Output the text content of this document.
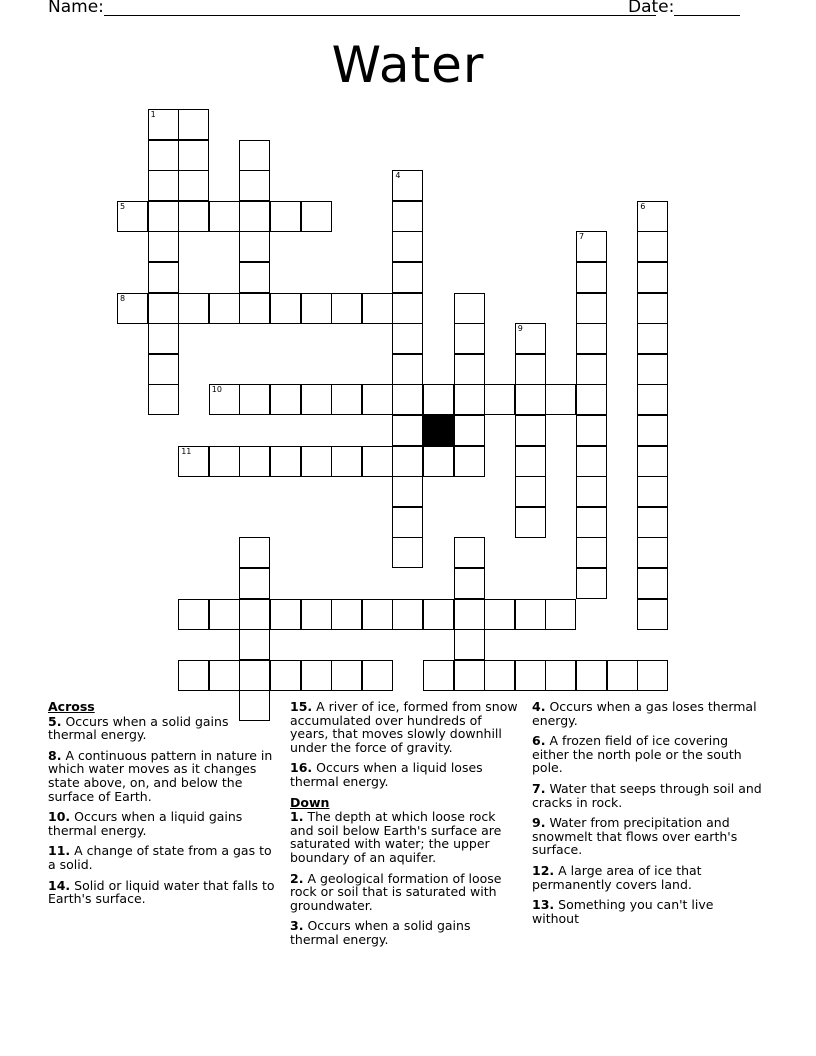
Name:	Date:
Water
1
4
5	6
7
8
9
10
11
Across
5. Occurs when a solid gains thermal energy.
8. A continuous pattern in nature in which water moves as it changes state above, on, and below the surface of Earth.
10. Occurs when a liquid gains thermal energy.
11. A change of state from a gas to a solid.
14. Solid or liquid water that falls to Earth's surface.
15. A river of ice, formed from snow accumulated over hundreds of years, that moves slowly downhill under the force of gravity.
16. Occurs when a liquid loses thermal energy.
Down
1. The depth at which loose rock and soil below Earth's surface are saturated with water; the upper boundary of an aquifer.
2. A geological formation of loose rock or soil that is saturated with groundwater.
3. Occurs when a solid gains thermal energy.
4. Occurs when a gas loses thermal energy.
6. A frozen field of ice covering either the north pole or the south pole.
7. Water that seeps through soil and cracks in rock.
9. Water from precipitation and snowmelt that flows over earth's surface.
12. A large area of ice that permanently covers land.
13. Something you can't live without
